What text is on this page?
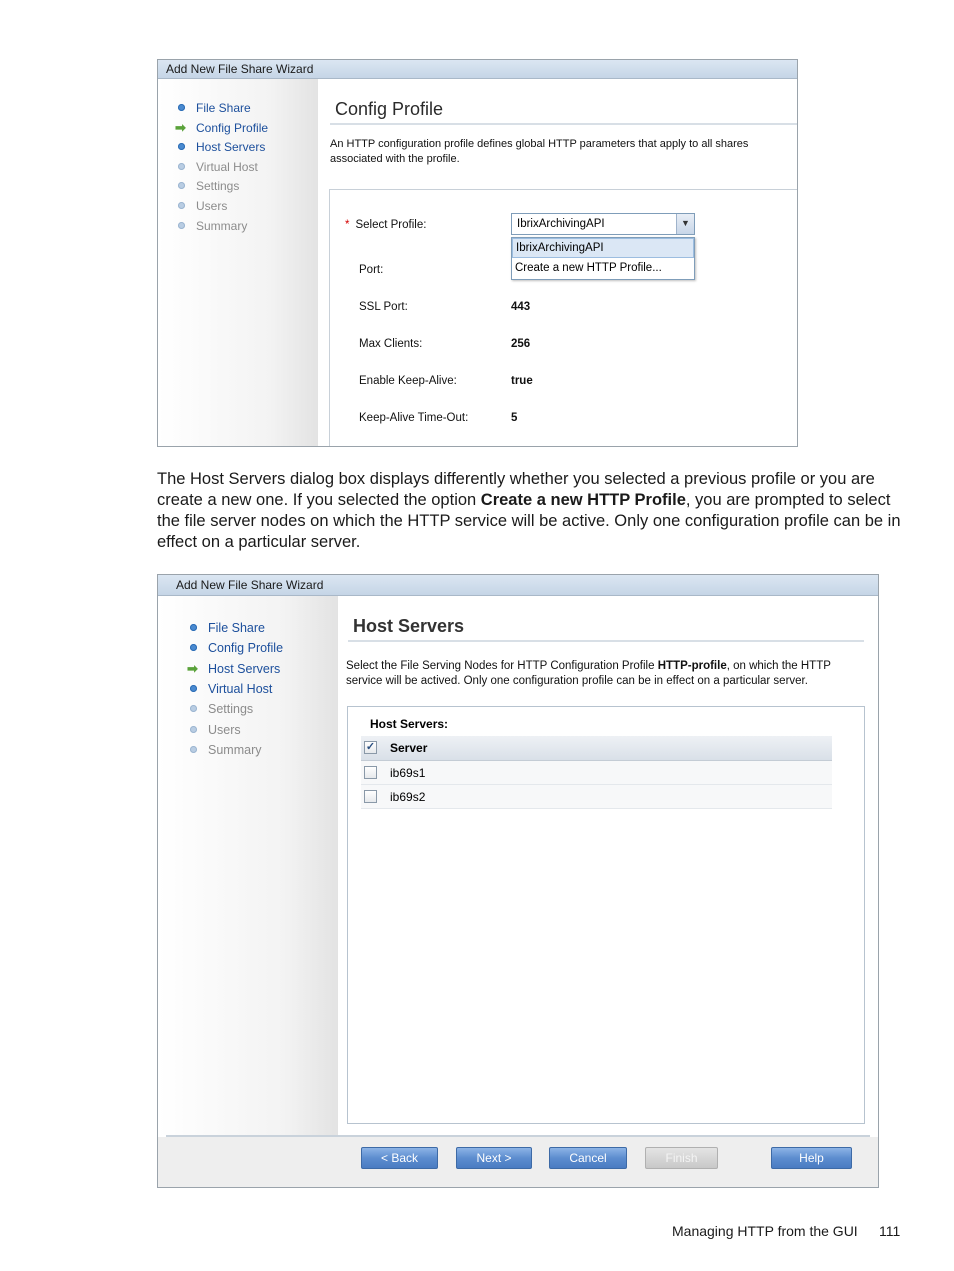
Add New File Share Wizard
File Share
➡ Config Profile
Host Servers
Virtual Host
Settings
Users
Summary
Config Profile
An HTTP configuration profile defines global HTTP parameters that apply to all shares associated with the profile.
* Select Profile:	IbrixArchivingAPI	▼
IbrixArchivingAPI
Create a new HTTP Profile...
Port:
SSL Port:	443
Max Clients:	256
Enable Keep-Alive:	true
Keep-Alive Time-Out:	5
The Host Servers dialog box displays differently whether you selected a previous profile or you are create a new one. If you selected the option Create a new HTTP Profile, you are prompted to select the file server nodes on which the HTTP service will be active. Only one configuration profile can be in effect on a particular server.
Add New File Share Wizard
File Share
Config Profile
➡ Host Servers
Virtual Host
Settings
Users
Summary
Host Servers
Select the File Serving Nodes for HTTP Configuration Profile HTTP-profile, on which the HTTP service will be actived. Only one configuration profile can be in effect on a particular server.
Host Servers:
✓ Server
ib69s1
ib69s2
< Back	Next >	Cancel	Finish	Help
Managing HTTP from the GUI 111
